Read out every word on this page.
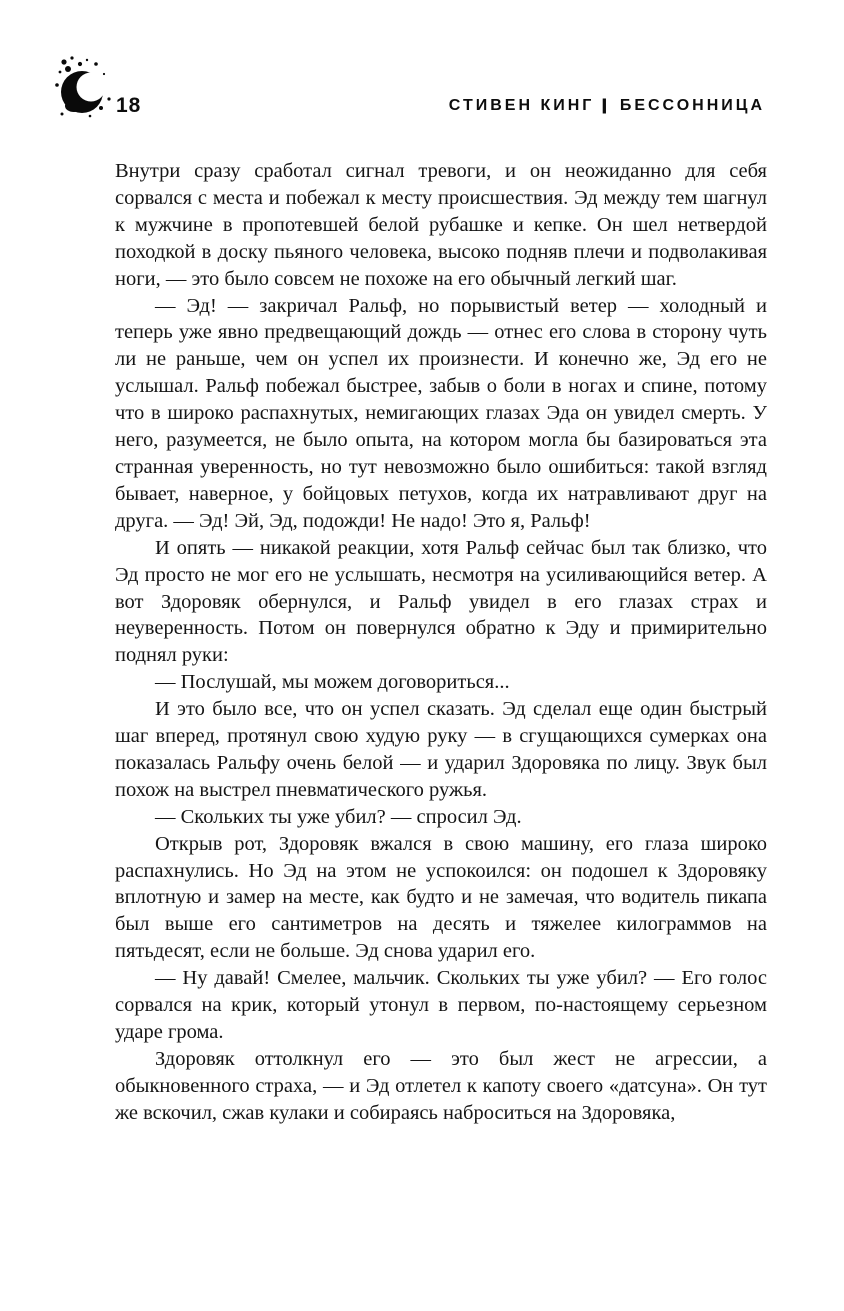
18	СТИВЕН КИНГ | БЕССОННИЦА

Внутри сразу сработал сигнал тревоги, и он неожиданно для себя сорвался с места и побежал к месту происшествия. Эд между тем шагнул к мужчине в пропотевшей белой рубашке и кепке. Он шел нетвердой походкой в доску пьяного человека, высоко подняв плечи и подволакивая ноги, — это было совсем не похоже на его обычный легкий шаг.

— Эд! — закричал Ральф, но порывистый ветер — холодный и теперь уже явно предвещающий дождь — отнес его слова в сторону чуть ли не раньше, чем он успел их произнести. И конечно же, Эд его не услышал. Ральф побежал быстрее, забыв о боли в ногах и спине, потому что в широко распахнутых, немигающих глазах Эда он увидел смерть. У него, разумеется, не было опыта, на котором могла бы базироваться эта странная уверенность, но тут невозможно было ошибиться: такой взгляд бывает, наверное, у бойцовых петухов, когда их натравливают друг на друга. — Эд! Эй, Эд, подожди! Не надо! Это я, Ральф!

И опять — никакой реакции, хотя Ральф сейчас был так близко, что Эд просто не мог его не услышать, несмотря на усиливающийся ветер. А вот Здоровяк обернулся, и Ральф увидел в его глазах страх и неуверенность. Потом он повернулся обратно к Эду и примирительно поднял руки:

— Послушай, мы можем договориться...

И это было все, что он успел сказать. Эд сделал еще один быстрый шаг вперед, протянул свою худую руку — в сгущающихся сумерках она показалась Ральфу очень белой — и ударил Здоровяка по лицу. Звук был похож на выстрел пневматического ружья.

— Скольких ты уже убил? — спросил Эд.

Открыв рот, Здоровяк вжался в свою машину, его глаза широко распахнулись. Но Эд на этом не успокоился: он подошел к Здоровяку вплотную и замер на месте, как будто и не замечая, что водитель пикапа был выше его сантиметров на десять и тяжелее килограммов на пятьдесят, если не больше. Эд снова ударил его.

— Ну давай! Смелее, мальчик. Скольких ты уже убил? — Его голос сорвался на крик, который утонул в первом, по-настоящему серьезном ударе грома.

Здоровяк оттолкнул его — это был жест не агрессии, а обыкновенного страха, — и Эд отлетел к капоту своего «датсуна». Он тут же вскочил, сжав кулаки и собираясь наброситься на Здоровяка,
